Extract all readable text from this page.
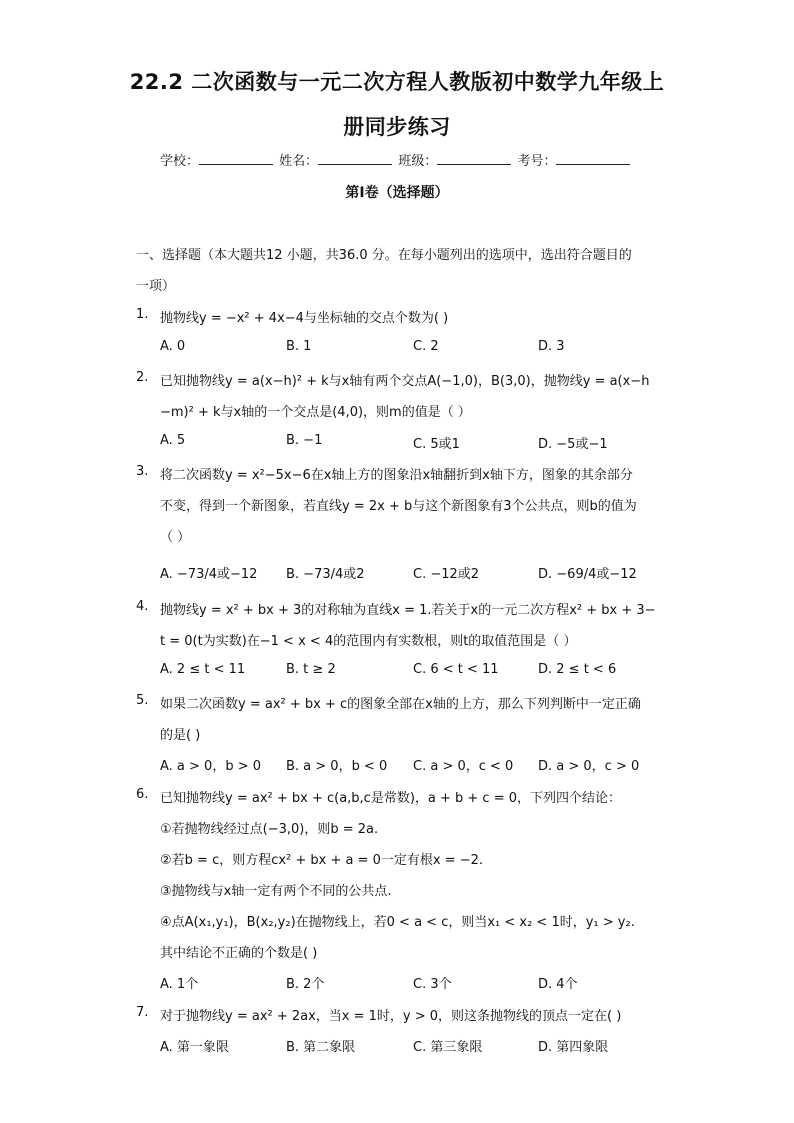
22.2 二次函数与一元二次方程人教版初中数学九年级上
册同步练习
学校：	姓名：	班级：	考号：
第I卷（选择题）
一、选择题（本大题共12 小题，共36.0 分。在每小题列出的选项中，选出符合题目的
一项）
1. 抛物线y = −x² + 4x−4与坐标轴的交点个数为( )
A. 0	B. 1	C. 2	D. 3
2. 已知抛物线y = a(x−h)² + k与x轴有两个交点A(−1,0)，B(3,0)，抛物线y = a(x−h
−m)² + k与x轴的一个交点是(4,0)，则m的值是（ ）
A. 5	B. −1	C. 5或1	D. −5或−1
3. 将二次函数y = x²−5x−6在x轴上方的图象沿x轴翻折到x轴下方，图象的其余部分
不变，得到一个新图象，若直线y = 2x + b与这个新图象有3个公共点，则b的值为
（ ）
A. −73/4或−12 B. −73/4或2	C. −12或2	D. −69/4或−12
4. 抛物线y = x² + bx + 3的对称轴为直线x = 1.若关于x的一元二次方程x² + bx + 3−
t = 0(t为实数)在−1 < x < 4的范围内有实数根，则t的取值范围是（ ）
A. 2 ≤ t < 11	B. t ≥ 2	C. 6 < t < 11	D. 2 ≤ t < 6
5. 如果二次函数y = ax² + bx + c的图象全部在x轴的上方，那么下列判断中一定正确
的是( )
A. a > 0，b > 0 B. a > 0，b < 0 C. a > 0，c < 0 D. a > 0，c > 0
6. 已知抛物线y = ax² + bx + c(a,b,c是常数)，a + b + c = 0，下列四个结论：
①若抛物线经过点(−3,0)，则b = 2a.
②若b = c，则方程cx² + bx + a = 0一定有根x = −2.
③抛物线与x轴一定有两个不同的公共点.
④点A(x₁,y₁)，B(x₂,y₂)在抛物线上，若0 < a < c，则当x₁ < x₂ < 1时，y₁ > y₂.
其中结论不正确的个数是( )
A. 1个	B. 2个	C. 3个	D. 4个
7. 对于抛物线y = ax² + 2ax，当x = 1时，y > 0，则这条抛物线的顶点一定在( )
A. 第一象限	B. 第二象限	C. 第三象限	D. 第四象限
